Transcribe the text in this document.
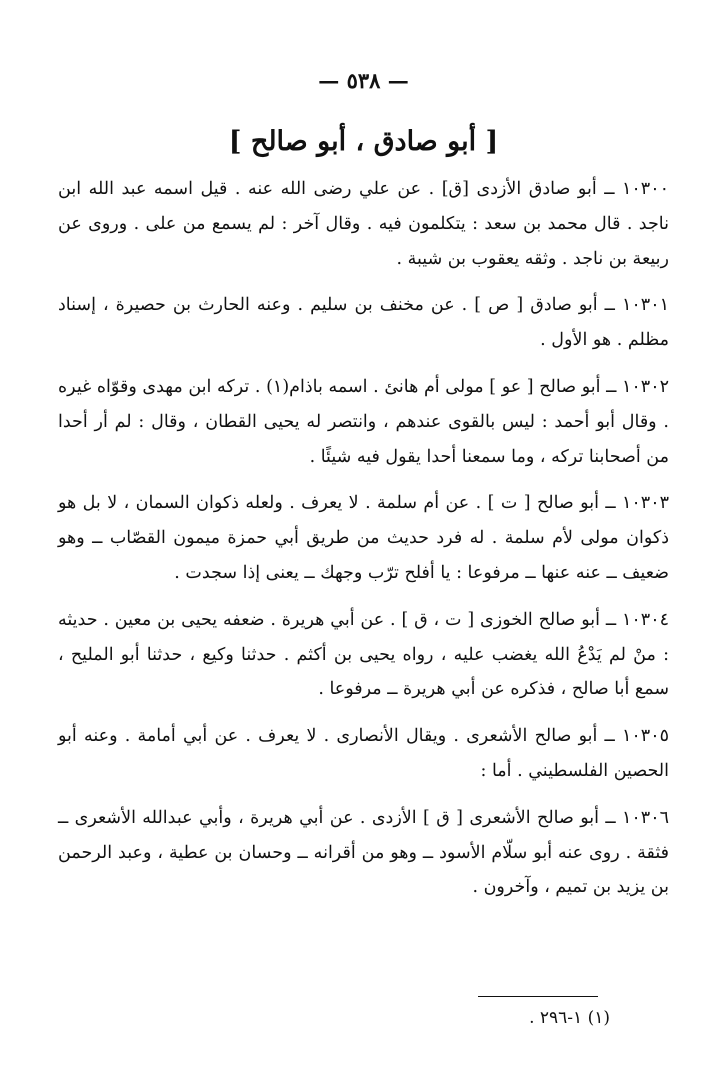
— ٥٣٨ —
[ أبو صادق ، أبو صالح ]

١٠٣٠٠ ــ أبو صادق الأزدى [ق] . عن علي رضى الله عنه . قيل اسمه عبد الله ابن ناجد . قال محمد بن سعد : يتكلمون فيه . وقال آخر : لم يسمع من على . وروى عن ربيعة بن ناجد . وثقه يعقوب بن شيبة .

١٠٣٠١ ــ أبو صادق [ ص ] . عن مخنف بن سليم . وعنه الحارث بن حصيرة ، إسناد مظلم . هو الأول .

١٠٣٠٢ ــ أبو صالح [ عو ] مولى أم هانئ . اسمه باذام(١) . تركه ابن مهدى وقوّاه غيره . وقال أبو أحمد : ليس بالقوى عندهم ، وانتصر له يحيى القطان ، وقال : لم أر أحدا من أصحابنا تركه ، وما سمعنا أحدا يقول فيه شيئًا .

١٠٣٠٣ ــ أبو صالح [ ت ] . عن أم سلمة . لا يعرف . ولعله ذكوان السمان ، لا بل هو ذكوان مولى لأم سلمة . له فرد حديث من طريق أبي حمزة ميمون القصّاب ــ وهو ضعيف ــ عنه عنها ــ مرفوعا : يا أفلح ترّب وجهك ــ يعنى إذا سجدت .

١٠٣٠٤ ــ أبو صالح الخوزى [ ت ، ق ] . عن أبي هريرة . ضعفه يحيى بن معين . حديثه : منْ لم يَدْعُ الله يغضب عليه ، رواه يحيى بن أكثم . حدثنا وكيع ، حدثنا أبو المليح ، سمع أبا صالح ، فذكره عن أبي هريرة ــ مرفوعا .

١٠٣٠٥ ــ أبو صالح الأشعرى . ويقال الأنصارى . لا يعرف . عن أبي أمامة . وعنه أبو الحصين الفلسطيني . أما :

١٠٣٠٦ ــ أبو صالح الأشعرى [ ق ] الأزدى . عن أبي هريرة ، وأبي عبدالله الأشعرى ــ فثقة . روى عنه أبو سلّام الأسود ــ وهو من أقرانه ــ وحسان بن عطية ، وعبد الرحمن بن يزيد بن تميم ، وآخرون .

(١) ١-٢٩٦ .
